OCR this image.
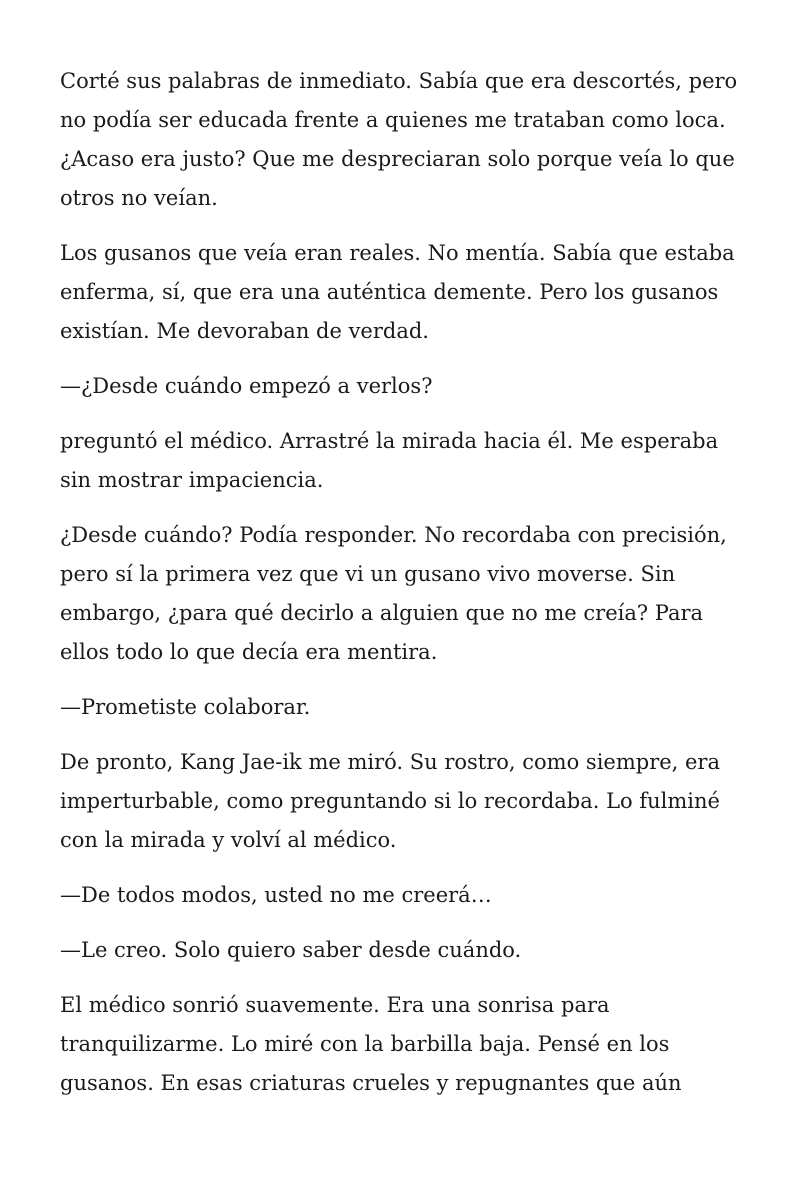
Corté sus palabras de inmediato. Sabía que era descortés, pero no podía ser educada frente a quienes me trataban como loca. ¿Acaso era justo? Que me despreciaran solo porque veía lo que otros no veían.

Los gusanos que veía eran reales. No mentía. Sabía que estaba enferma, sí, que era una auténtica demente. Pero los gusanos existían. Me devoraban de verdad.

—¿Desde cuándo empezó a verlos?

preguntó el médico. Arrastré la mirada hacia él. Me esperaba sin mostrar impaciencia.

¿Desde cuándo? Podía responder. No recordaba con precisión, pero sí la primera vez que vi un gusano vivo moverse. Sin embargo, ¿para qué decirlo a alguien que no me creía? Para ellos todo lo que decía era mentira.

—Prometiste colaborar.

De pronto, Kang Jae-ik me miró. Su rostro, como siempre, era imperturbable, como preguntando si lo recordaba. Lo fulminé con la mirada y volví al médico.

—De todos modos, usted no me creerá…

—Le creo. Solo quiero saber desde cuándo.

El médico sonrió suavemente. Era una sonrisa para tranquilizarme. Lo miré con la barbilla baja. Pensé en los gusanos. En esas criaturas crueles y repugnantes que aún
